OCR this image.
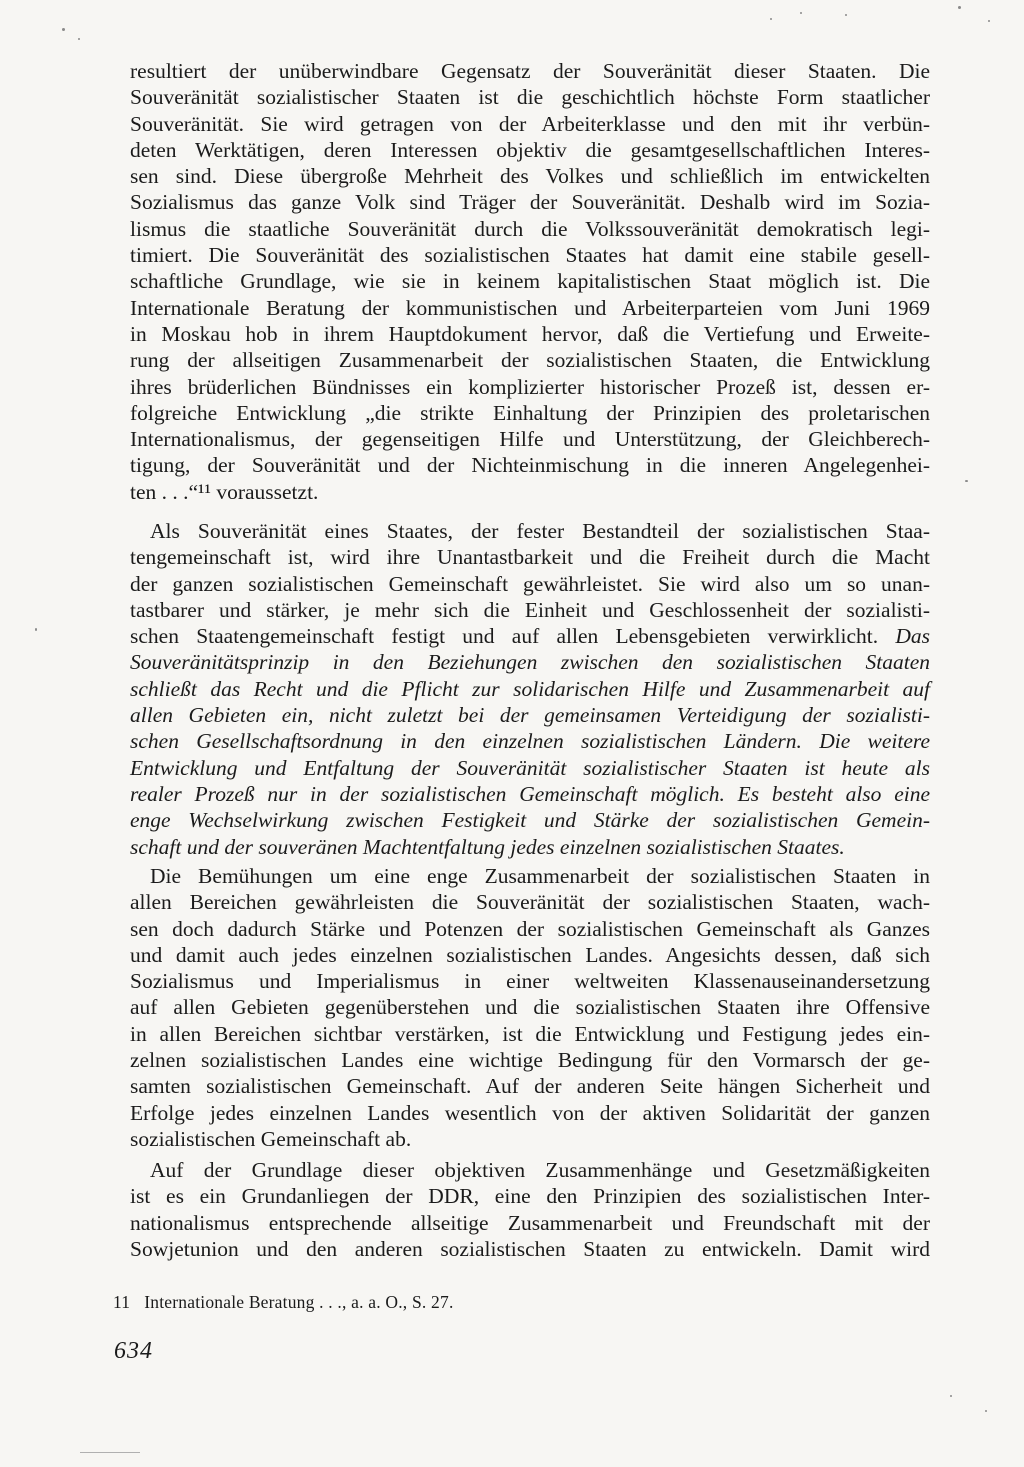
resultiert der unüberwindbare Gegensatz der Souveränität dieser Staaten. Die
Souveränität sozialistischer Staaten ist die geschichtlich höchste Form staatlicher
Souveränität. Sie wird getragen von der Arbeiterklasse und den mit ihr verbün-
deten Werktätigen, deren Interessen objektiv die gesamtgesellschaftlichen Interes-
sen sind. Diese übergroße Mehrheit des Volkes und schließlich im entwickelten
Sozialismus das ganze Volk sind Träger der Souveränität. Deshalb wird im Sozia-
lismus die staatliche Souveränität durch die Volkssouveränität demokratisch legi-
timiert. Die Souveränität des sozialistischen Staates hat damit eine stabile gesell-
schaftliche Grundlage, wie sie in keinem kapitalistischen Staat möglich ist. Die
Internationale Beratung der kommunistischen und Arbeiterparteien vom Juni 1969
in Moskau hob in ihrem Hauptdokument hervor, daß die Vertiefung und Erweite-
rung der allseitigen Zusammenarbeit der sozialistischen Staaten, die Entwicklung
ihres brüderlichen Bündnisses ein komplizierter historischer Prozeß ist, dessen er-
folgreiche Entwicklung „die strikte Einhaltung der Prinzipien des proletarischen
Internationalismus, der gegenseitigen Hilfe und Unterstützung, der Gleichberech-
tigung, der Souveränität und der Nichteinmischung in die inneren Angelegenhei-
ten . . .“¹¹ voraussetzt.
Als Souveränität eines Staates, der fester Bestandteil der sozialistischen Staa-
tengemeinschaft ist, wird ihre Unantastbarkeit und die Freiheit durch die Macht
der ganzen sozialistischen Gemeinschaft gewährleistet. Sie wird also um so unan-
tastbarer und stärker, je mehr sich die Einheit und Geschlossenheit der sozialisti-
schen Staatengemeinschaft festigt und auf allen Lebensgebieten verwirklicht. Das
Souveränitätsprinzip in den Beziehungen zwischen den sozialistischen Staaten
schließt das Recht und die Pflicht zur solidarischen Hilfe und Zusammenarbeit auf
allen Gebieten ein, nicht zuletzt bei der gemeinsamen Verteidigung der sozialisti-
schen Gesellschaftsordnung in den einzelnen sozialistischen Ländern. Die weitere
Entwicklung und Entfaltung der Souveränität sozialistischer Staaten ist heute als
realer Prozeß nur in der sozialistischen Gemeinschaft möglich. Es besteht also eine
enge Wechselwirkung zwischen Festigkeit und Stärke der sozialistischen Gemein-
schaft und der souveränen Machtentfaltung jedes einzelnen sozialistischen Staates.
Die Bemühungen um eine enge Zusammenarbeit der sozialistischen Staaten in
allen Bereichen gewährleisten die Souveränität der sozialistischen Staaten, wach-
sen doch dadurch Stärke und Potenzen der sozialistischen Gemeinschaft als Ganzes
und damit auch jedes einzelnen sozialistischen Landes. Angesichts dessen, daß sich
Sozialismus und Imperialismus in einer weltweiten Klassenauseinandersetzung
auf allen Gebieten gegenüberstehen und die sozialistischen Staaten ihre Offensive
in allen Bereichen sichtbar verstärken, ist die Entwicklung und Festigung jedes ein-
zelnen sozialistischen Landes eine wichtige Bedingung für den Vormarsch der ge-
samten sozialistischen Gemeinschaft. Auf der anderen Seite hängen Sicherheit und
Erfolge jedes einzelnen Landes wesentlich von der aktiven Solidarität der ganzen
sozialistischen Gemeinschaft ab.
Auf der Grundlage dieser objektiven Zusammenhänge und Gesetzmäßigkeiten
ist es ein Grundanliegen der DDR, eine den Prinzipien des sozialistischen Inter-
nationalismus entsprechende allseitige Zusammenarbeit und Freundschaft mit der
Sowjetunion und den anderen sozialistischen Staaten zu entwickeln. Damit wird
11 Internationale Beratung . . ., a. a. O., S. 27.
634
